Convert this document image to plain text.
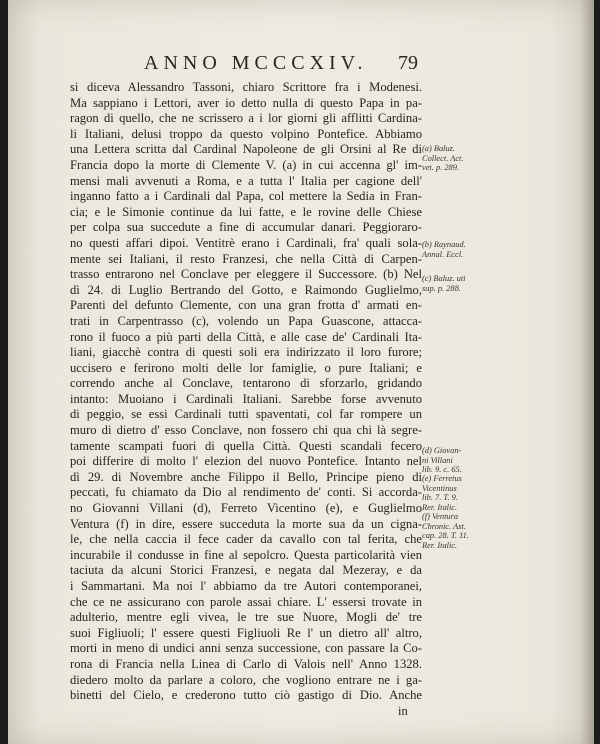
ANNO MCCCXIV. 79
si diceva Alessandro Tassoni, chiaro Scrittore fra i Modenesi.
Ma sappiano i Lettori, aver io detto nulla di questo Papa in pa-
ragon di quello, che ne scrissero a i lor giorni gli afflitti Cardina-
li Italiani, delusi troppo da questo volpino Pontefice. Abbiamo
una Lettera scritta dal Cardinal Napoleone de gli Orsini al Re di
Francia dopo la morte di Clemente V. (a) in cui accenna gl' im-
mensi mali avvenuti a Roma, e a tutta l' Italia per cagione dell'
inganno fatto a i Cardinali dal Papa, col mettere la Sedia in Fran-
cia; e le Simonie continue da lui fatte, e le rovine delle Chiese
per colpa sua succedute a fine di accumular danari. Peggioraro-
no questi affari dipoi. Ventitrè erano i Cardinali, fra' quali sola-
mente sei Italiani, il resto Franzesi, che nella Città di Carpen-
trasso entrarono nel Conclave per eleggere il Successore. (b) Nel
dì 24. di Luglio Bertrando del Gotto, e Raimondo Guglielmo,
Parenti del defunto Clemente, con una gran frotta d' armati en-
trati in Carpentrasso (c), volendo un Papa Guascone, attacca-
rono il fuoco a più parti della Città, e alle case de' Cardinali Ita-
liani, giacchè contra di questi soli era indirizzato il loro furore;
uccisero e ferirono molti delle lor famiglie, o pure Italiani; e
correndo anche al Conclave, tentarono di sforzarlo, gridando
intanto: Muoiano i Cardinali Italiani. Sarebbe forse avvenuto
di peggio, se essi Cardinali tutti spaventati, col far rompere un
muro di dietro d' esso Conclave, non fossero chi qua chi là segre-
tamente scampati fuori di quella Città. Questi scandali fecero
poi differire di molto l' elezion del nuovo Pontefice. Intanto nel
dì 29. di Novembre anche Filippo il Bello, Principe pieno di
peccati, fu chiamato da Dio al rendimento de' conti. Si accorda-
no Giovanni Villani (d), Ferreto Vicentino (e), e Guglielmo
Ventura (f) in dire, essere succeduta la morte sua da un cigna-
le, che nella caccia il fece cader da cavallo con tal ferita, che
incurabile il condusse in fine al sepolcro. Questa particolarità vien
taciuta da alcuni Storici Franzesi, e negata dal Mezeray, e da
i Sammartani. Ma noi l' abbiamo da tre Autori contemporanei,
che ce ne assicurano con parole assai chiare. L' essersi trovate in
adulterio, mentre egli vivea, le tre sue Nuore, Mogli de' tre
suoi Figliuoli; l' essere questi Figliuoli Re l' un dietro all' altro,
morti in meno di undici anni senza successione, con passare la Co-
rona di Francia nella Linea di Carlo di Valois nell' Anno 1328.
diedero molto da parlare a coloro, che vogliono entrare ne i ga-
binetti del Cielo, e crederono tutto ciò gastigo di Dio. Anche
in
(a) Baluz.
Collect. Act.
vet. p. 289.
(b) Raynaud.
Annal. Eccl.
(c) Baluz. uti
sup. p. 288.
(d) Giovan-
ni Villani
lib. 9. c. 65.
(e) Ferretus
Vicentinus
lib. 7. T. 9.
Rer. Italic.
(f) Ventura
Chronic. Ast.
cap. 28. T. 11.
Rer. Italic.
